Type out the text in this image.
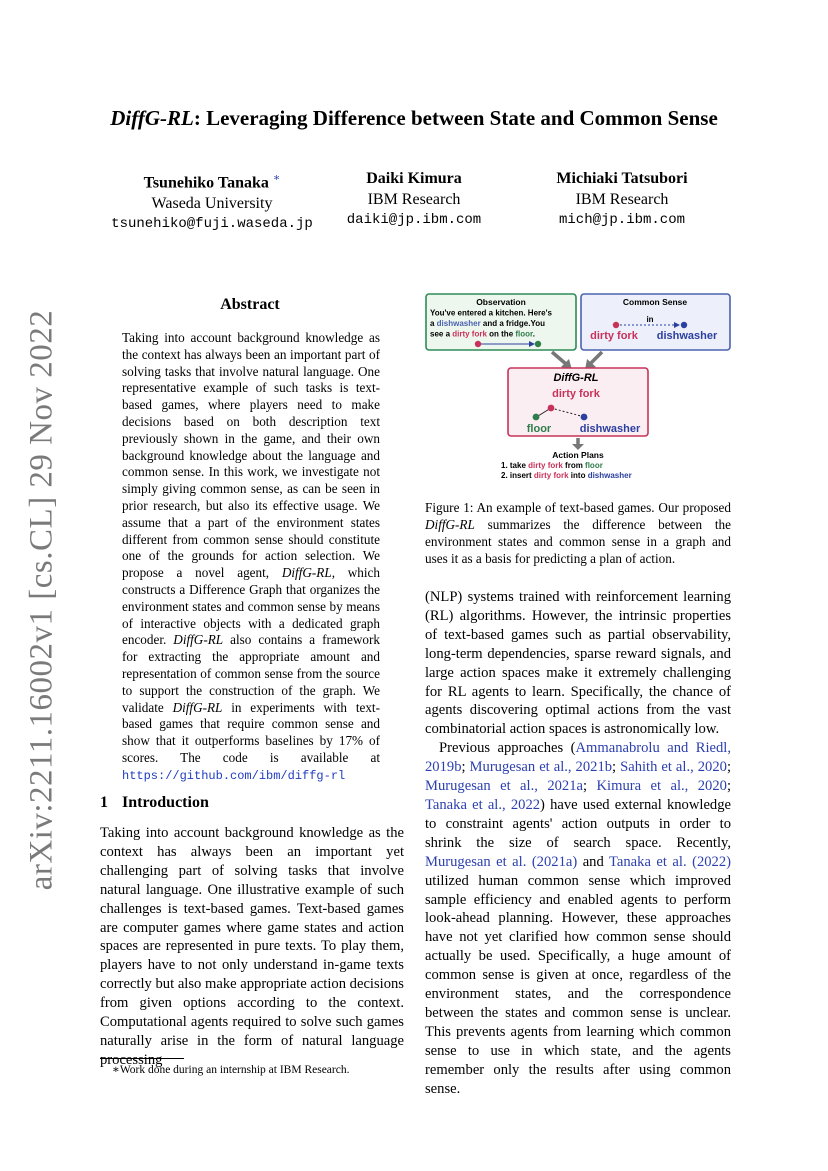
arXiv:2211.16002v1 [cs.CL] 29 Nov 2022
DiffG-RL: Leveraging Difference between State and Common Sense
Tsunehiko Tanaka ∗
Waseda University
tsunehiko@fuji.waseda.jp
Daiki Kimura
IBM Research
daiki@jp.ibm.com
Michiaki Tatsubori
IBM Research
mich@jp.ibm.com
Abstract
Taking into account background knowledge as the context has always been an important part of solving tasks that involve natural language. One representative example of such tasks is text-based games, where players need to make decisions based on both description text previously shown in the game, and their own background knowledge about the language and common sense. In this work, we investigate not simply giving common sense, as can be seen in prior research, but also its effective usage. We assume that a part of the environment states different from common sense should constitute one of the grounds for action selection. We propose a novel agent, DiffG-RL, which constructs a Difference Graph that organizes the environment states and common sense by means of interactive objects with a dedicated graph encoder. DiffG-RL also contains a framework for extracting the appropriate amount and representation of common sense from the source to support the construction of the graph. We validate DiffG-RL in experiments with text-based games that require common sense and show that it outperforms baselines by 17% of scores. The code is available at https://github.com/ibm/diffg-rl
1 Introduction
Taking into account background knowledge as the context has always been an important yet challenging part of solving tasks that involve natural language. One illustrative example of such challenges is text-based games. Text-based games are computer games where game states and action spaces are represented in pure texts. To play them, players have to not only understand in-game texts correctly but also make appropriate action decisions from given options according to the context. Computational agents required to solve such games naturally arise in the form of natural language processing
∗Work done during an internship at IBM Research.
Observation
You've entered a kitchen. Here's
a dishwasher and a fridge.You
see a dirty fork on the floor.
Common Sense
in
dirty fork dishwasher
DiffG-RL
dirty fork
floor	dishwasher
Action Plans
1. take dirty fork from floor
2. insert dirty fork into dishwasher
Figure 1: An example of text-based games. Our proposed DiffG-RL summarizes the difference between the environment states and common sense in a graph and uses it as a basis for predicting a plan of action.

(NLP) systems trained with reinforcement learning (RL) algorithms. However, the intrinsic properties of text-based games such as partial observability, long-term dependencies, sparse reward signals, and large action spaces make it extremely challenging for RL agents to learn. Specifically, the chance of agents discovering optimal actions from the vast combinatorial action spaces is astronomically low.

Previous approaches (Ammanabrolu and Riedl, 2019b; Murugesan et al., 2021b; Sahith et al., 2020; Murugesan et al., 2021a; Kimura et al., 2020; Tanaka et al., 2022) have used external knowledge to constraint agents' action outputs in order to shrink the size of search space. Recently, Murugesan et al. (2021a) and Tanaka et al. (2022) utilized human common sense which improved sample efficiency and enabled agents to perform look-ahead planning. However, these approaches have not yet clarified how common sense should actually be used. Specifically, a huge amount of common sense is given at once, regardless of the environment states, and the correspondence between the states and common sense is unclear. This prevents agents from learning which common sense to use in which state, and the agents remember only the results after using common sense.
